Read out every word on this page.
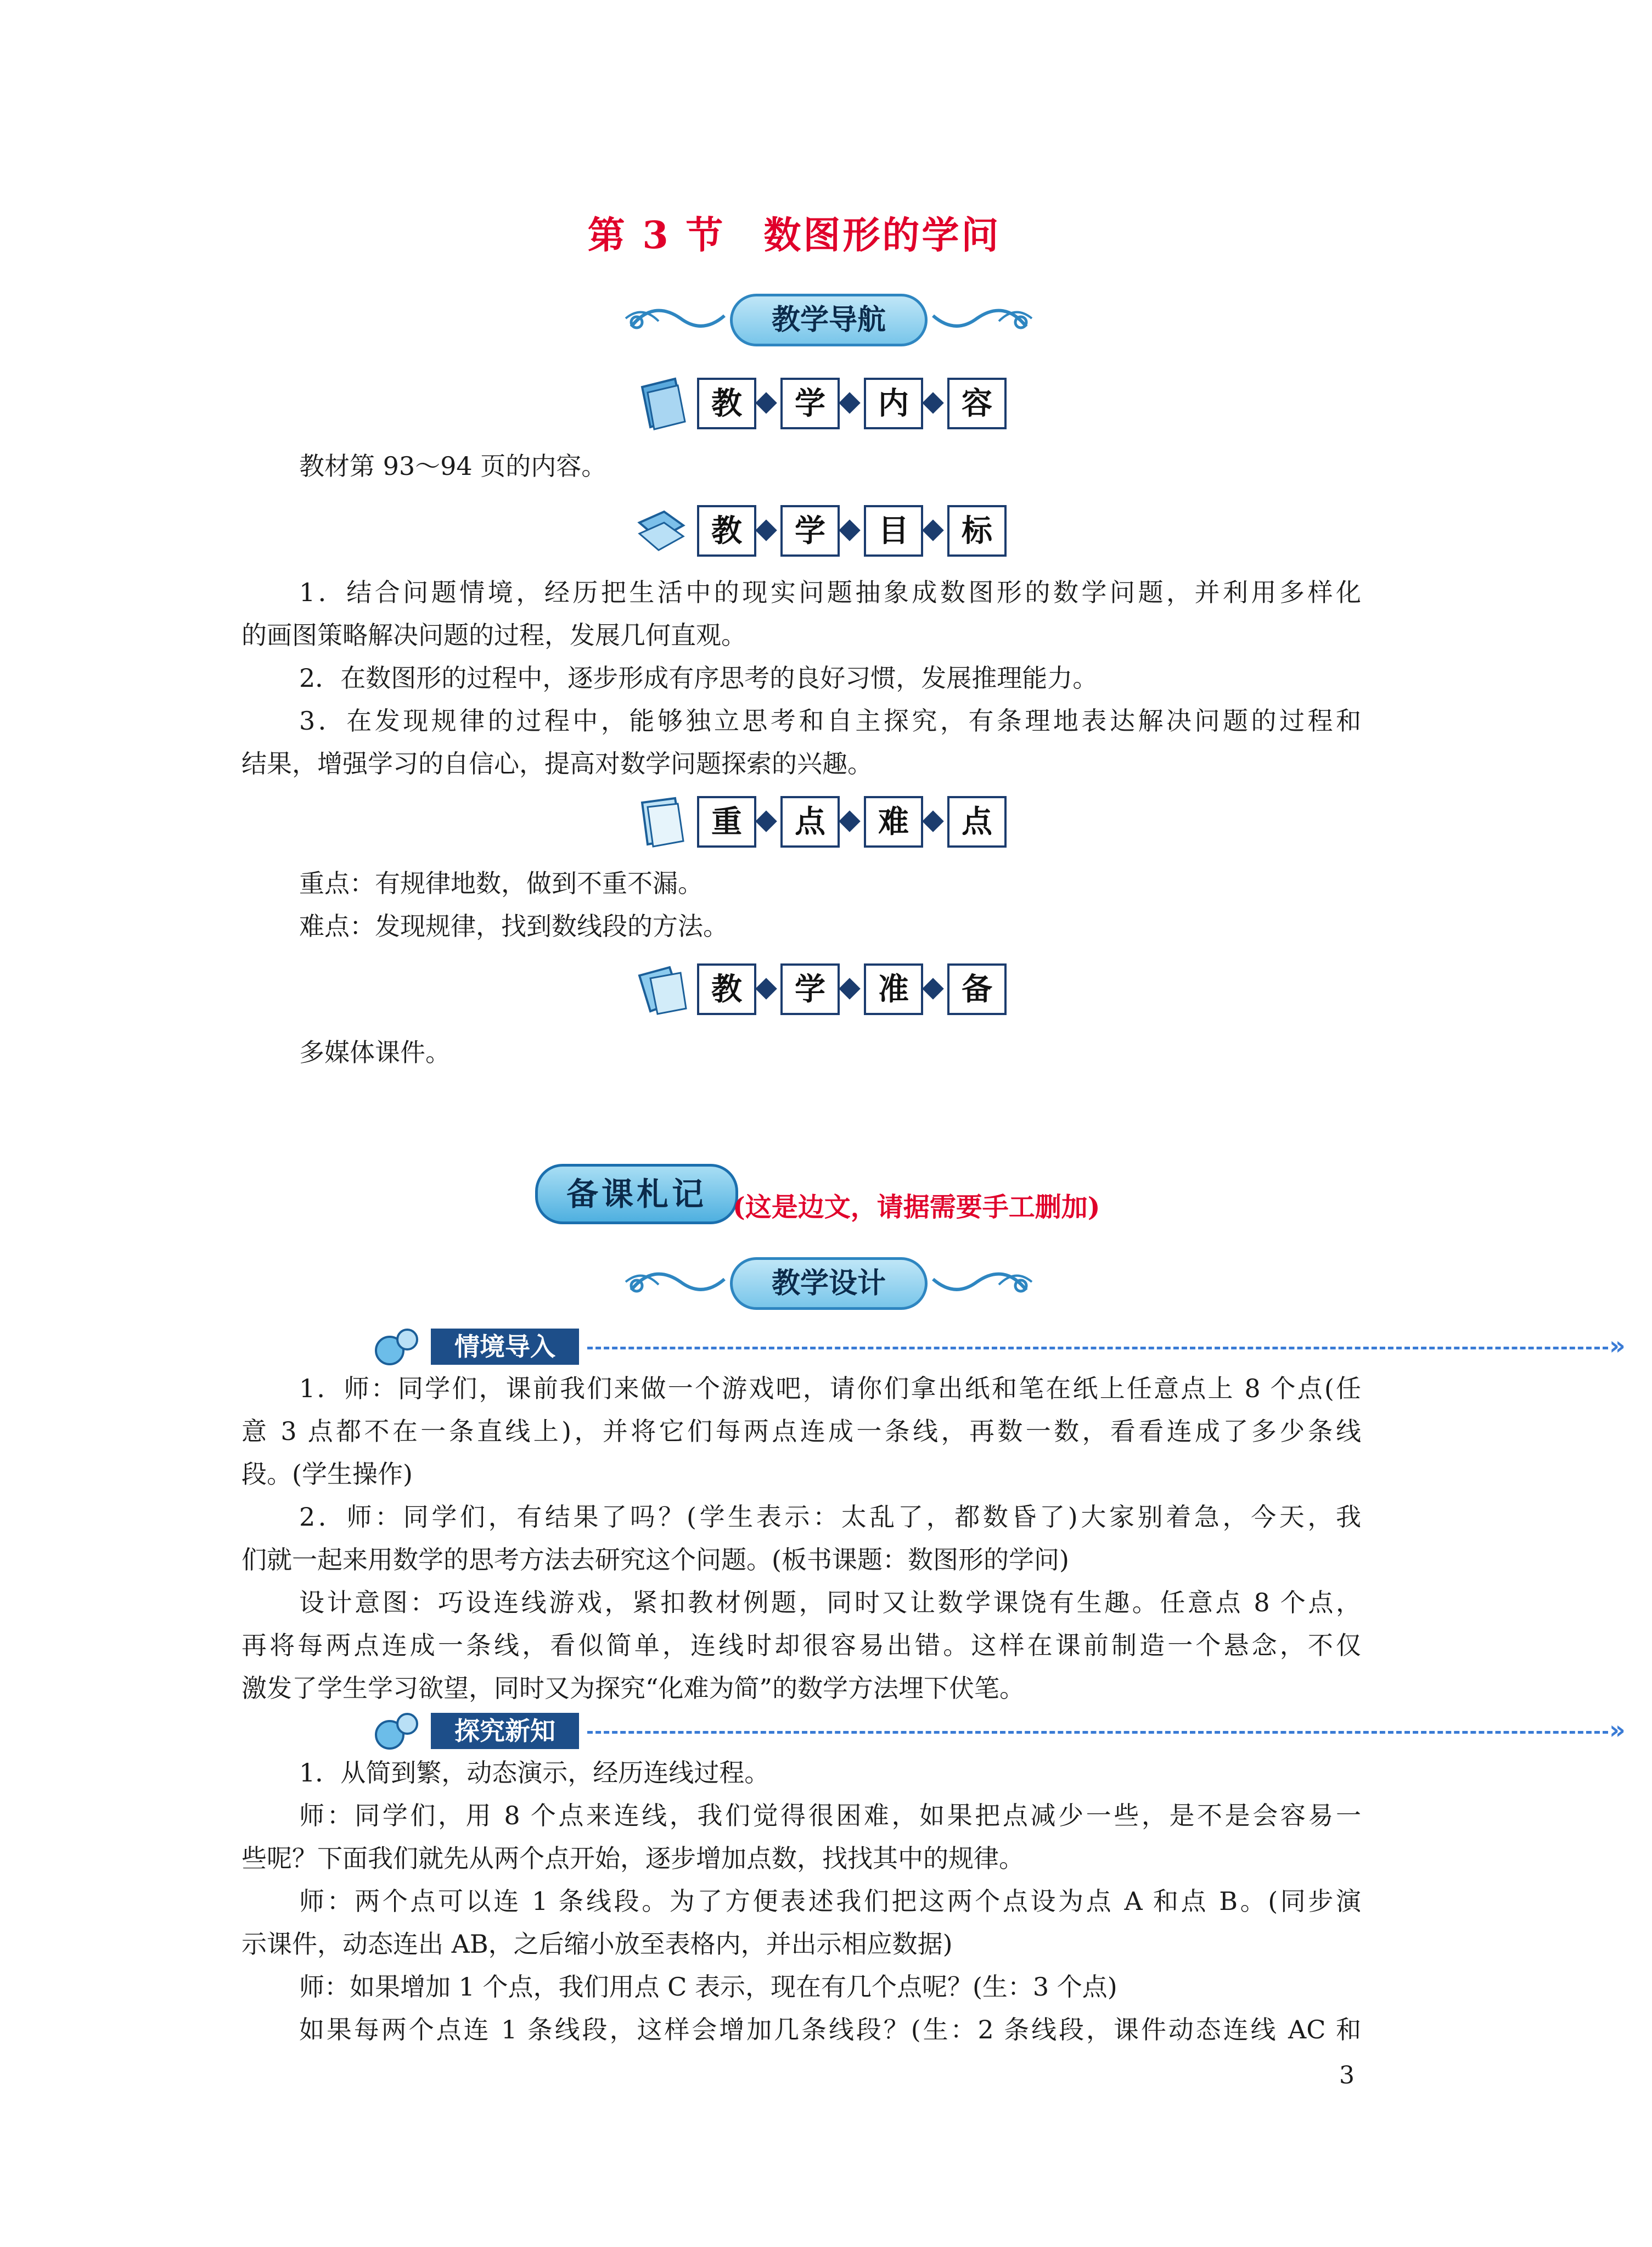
第 3 节 数图形的学问
教学导航
教	学	内	容
教材第 93～94 页的内容。
教	学	目	标
1．结合问题情境，经历把生活中的现实问题抽象成数图形的数学问题，并利用多样化
的画图策略解决问题的过程，发展几何直观。
2．在数图形的过程中，逐步形成有序思考的良好习惯，发展推理能力。
3．在发现规律的过程中，能够独立思考和自主探究，有条理地表达解决问题的过程和
结果，增强学习的自信心，提高对数学问题探索的兴趣。
重	点	难	点
重点：有规律地数，做到不重不漏。
难点：发现规律，找到数线段的方法。
教	学	准	备
多媒体课件。
备课札记 (这是边文，请据需要手工删加)
教学设计
情境导入	»
1．师：同学们，课前我们来做一个游戏吧，请你们拿出纸和笔在纸上任意点上 8 个点(任
意 3 点都不在一条直线上)，并将它们每两点连成一条线，再数一数，看看连成了多少条线
段。(学生操作)
2．师：同学们，有结果了吗？(学生表示：太乱了，都数昏了)大家别着急，今天，我
们就一起来用数学的思考方法去研究这个问题。(板书课题：数图形的学问)
设计意图：巧设连线游戏，紧扣教材例题，同时又让数学课饶有生趣。任意点 8 个点，
再将每两点连成一条线，看似简单，连线时却很容易出错。这样在课前制造一个悬念，不仅
激发了学生学习欲望，同时又为探究“化难为简”的数学方法埋下伏笔。
探究新知	»
1．从简到繁，动态演示，经历连线过程。
师：同学们，用 8 个点来连线，我们觉得很困难，如果把点减少一些，是不是会容易一
些呢？下面我们就先从两个点开始，逐步增加点数，找找其中的规律。
师：两个点可以连 1 条线段。为了方便表述我们把这两个点设为点 A 和点 B。(同步演
示课件，动态连出 AB，之后缩小放至表格内，并出示相应数据)
师：如果增加 1 个点，我们用点 C 表示，现在有几个点呢？(生：3 个点)
如果每两个点连 1 条线段，这样会增加几条线段？(生：2 条线段，课件动态连线 AC 和
3
